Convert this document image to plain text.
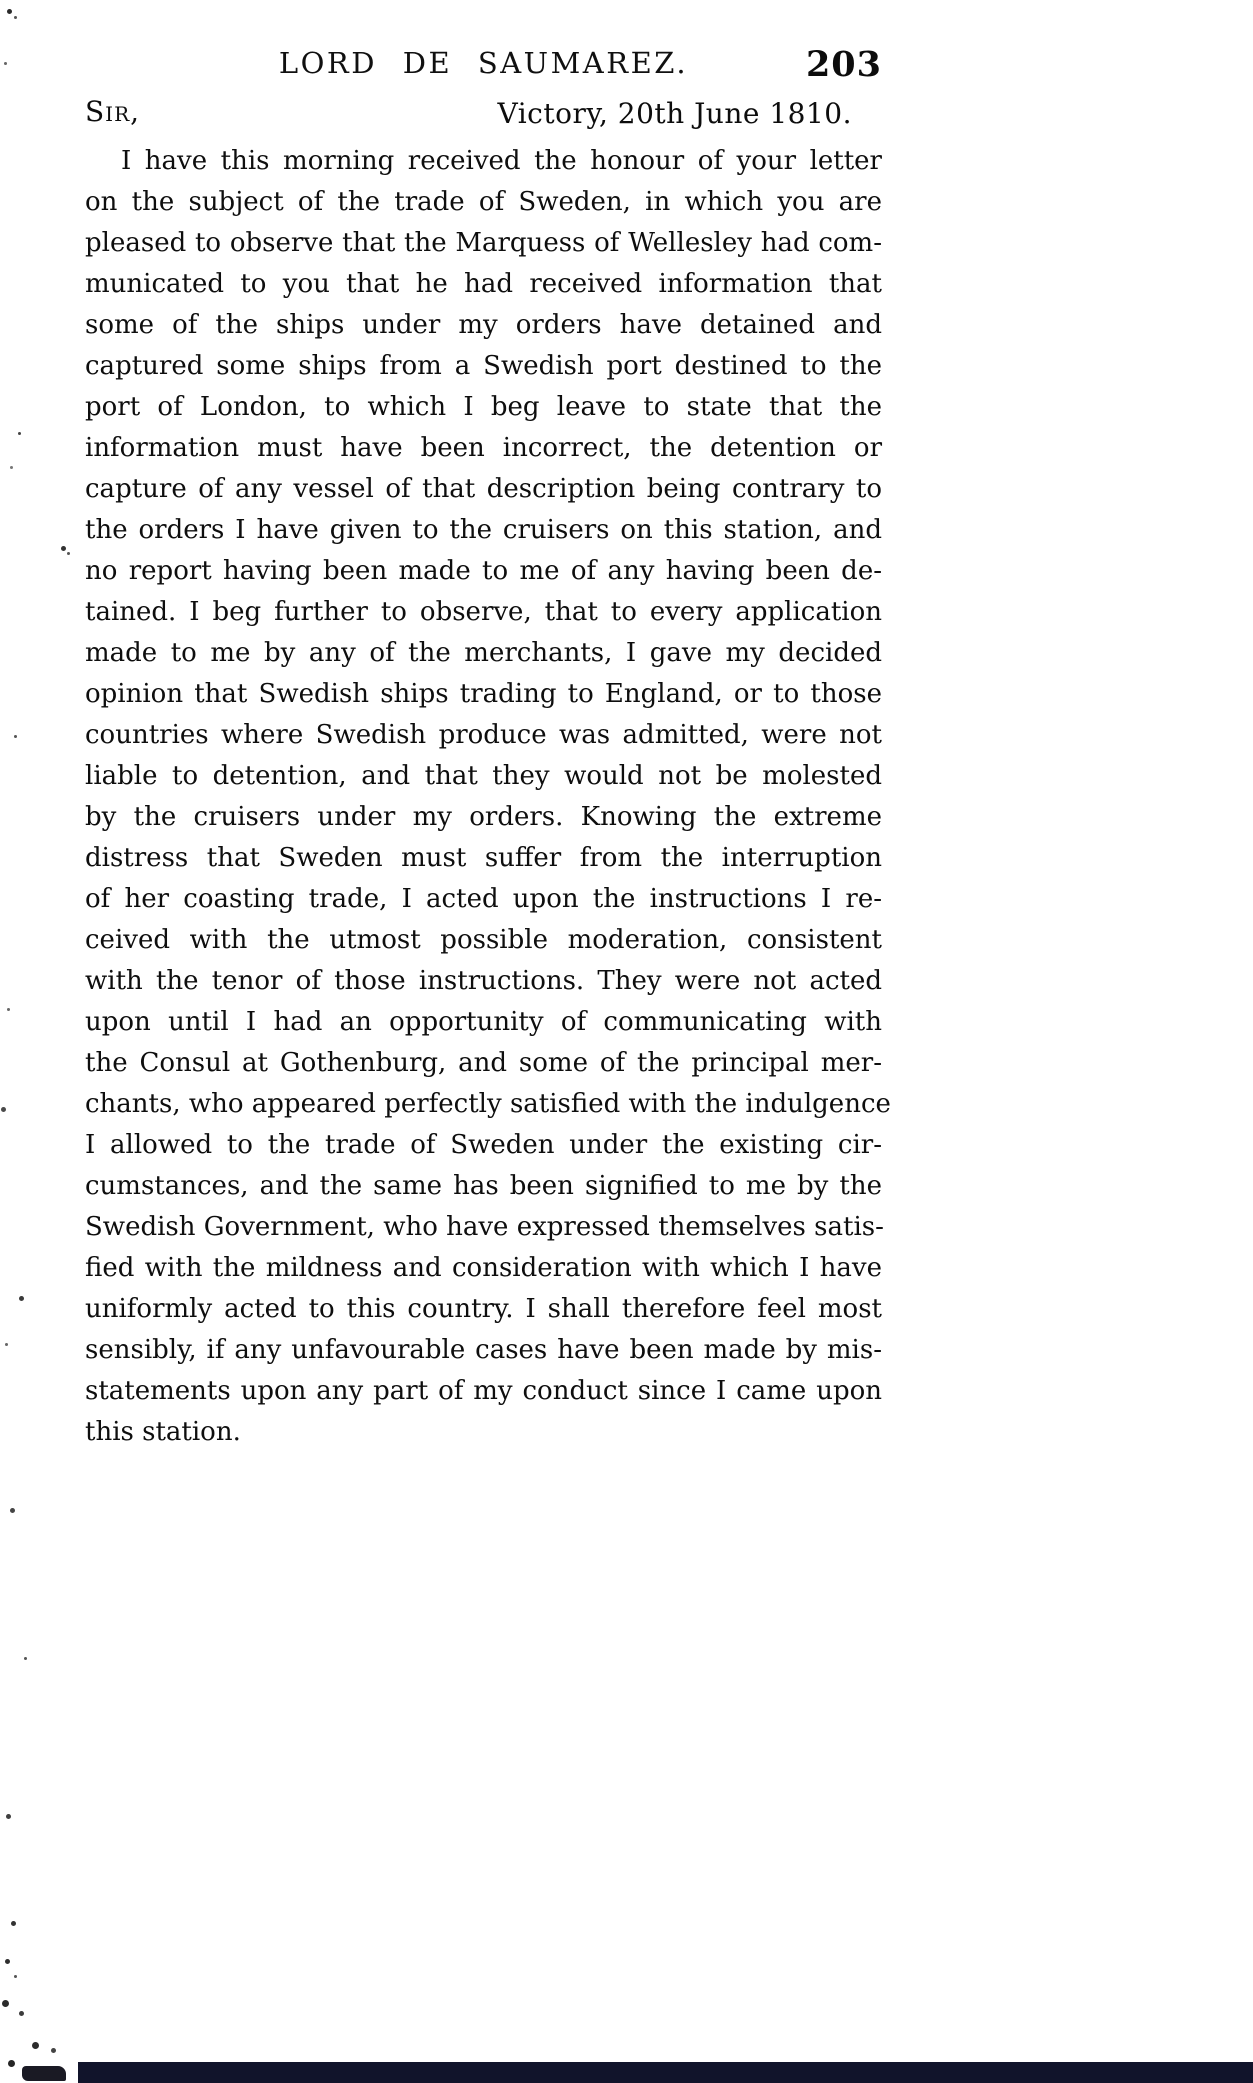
LORD DE SAUMAREZ.	203
Sir,	Victory, 20th June 1810.
I have this morning received the honour of your letter
on the subject of the trade of Sweden, in which you are
pleased to observe that the Marquess of Wellesley had com-
municated to you that he had received information that
some of the ships under my orders have detained and
captured some ships from a Swedish port destined to the
port of London, to which I beg leave to state that the
information must have been incorrect, the detention or
capture of any vessel of that description being contrary to
the orders I have given to the cruisers on this station, and
no report having been made to me of any having been de-
tained. I beg further to observe, that to every application
made to me by any of the merchants, I gave my decided
opinion that Swedish ships trading to England, or to those
countries where Swedish produce was admitted, were not
liable to detention, and that they would not be molested
by the cruisers under my orders. Knowing the extreme
distress that Sweden must suffer from the interruption
of her coasting trade, I acted upon the instructions I re-
ceived with the utmost possible moderation, consistent
with the tenor of those instructions. They were not acted
upon until I had an opportunity of communicating with
the Consul at Gothenburg, and some of the principal mer-
chants, who appeared perfectly satisfied with the indulgence
I allowed to the trade of Sweden under the existing cir-
cumstances, and the same has been signified to me by the
Swedish Government, who have expressed themselves satis-
fied with the mildness and consideration with which I have
uniformly acted to this country. I shall therefore feel most
sensibly, if any unfavourable cases have been made by mis-
statements upon any part of my conduct since I came upon
this station.
